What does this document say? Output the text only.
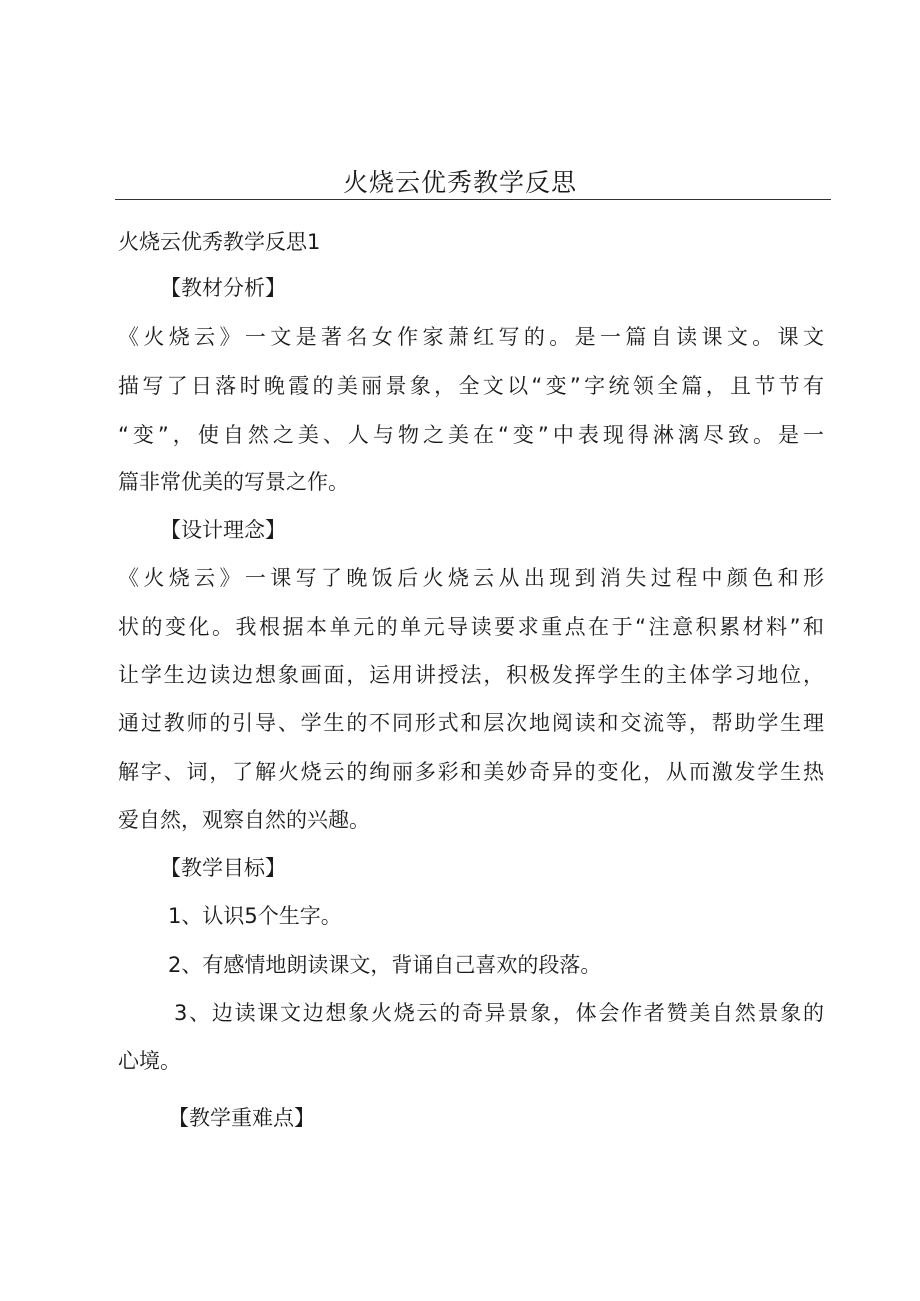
火烧云优秀教学反思
火烧云优秀教学反思1
【教材分析】
《火烧云》一文是著名女作家萧红写的。是一篇自读课文。课文
描写了日落时晚霞的美丽景象，全文以“变”字统领全篇，且节节有
“变”，使自然之美、人与物之美在“变”中表现得淋漓尽致。是一
篇非常优美的写景之作。
【设计理念】
《火烧云》一课写了晚饭后火烧云从出现到消失过程中颜色和形
状的变化。我根据本单元的单元导读要求重点在于“注意积累材料”和
让学生边读边想象画面，运用讲授法，积极发挥学生的主体学习地位，
通过教师的引导、学生的不同形式和层次地阅读和交流等，帮助学生理
解字、词，了解火烧云的绚丽多彩和美妙奇异的变化，从而激发学生热
爱自然，观察自然的兴趣。
【教学目标】
1、认识5个生字。
2、有感情地朗读课文，背诵自己喜欢的段落。
3、边读课文边想象火烧云的奇异景象，体会作者赞美自然景象的
心境。
【教学重难点】
